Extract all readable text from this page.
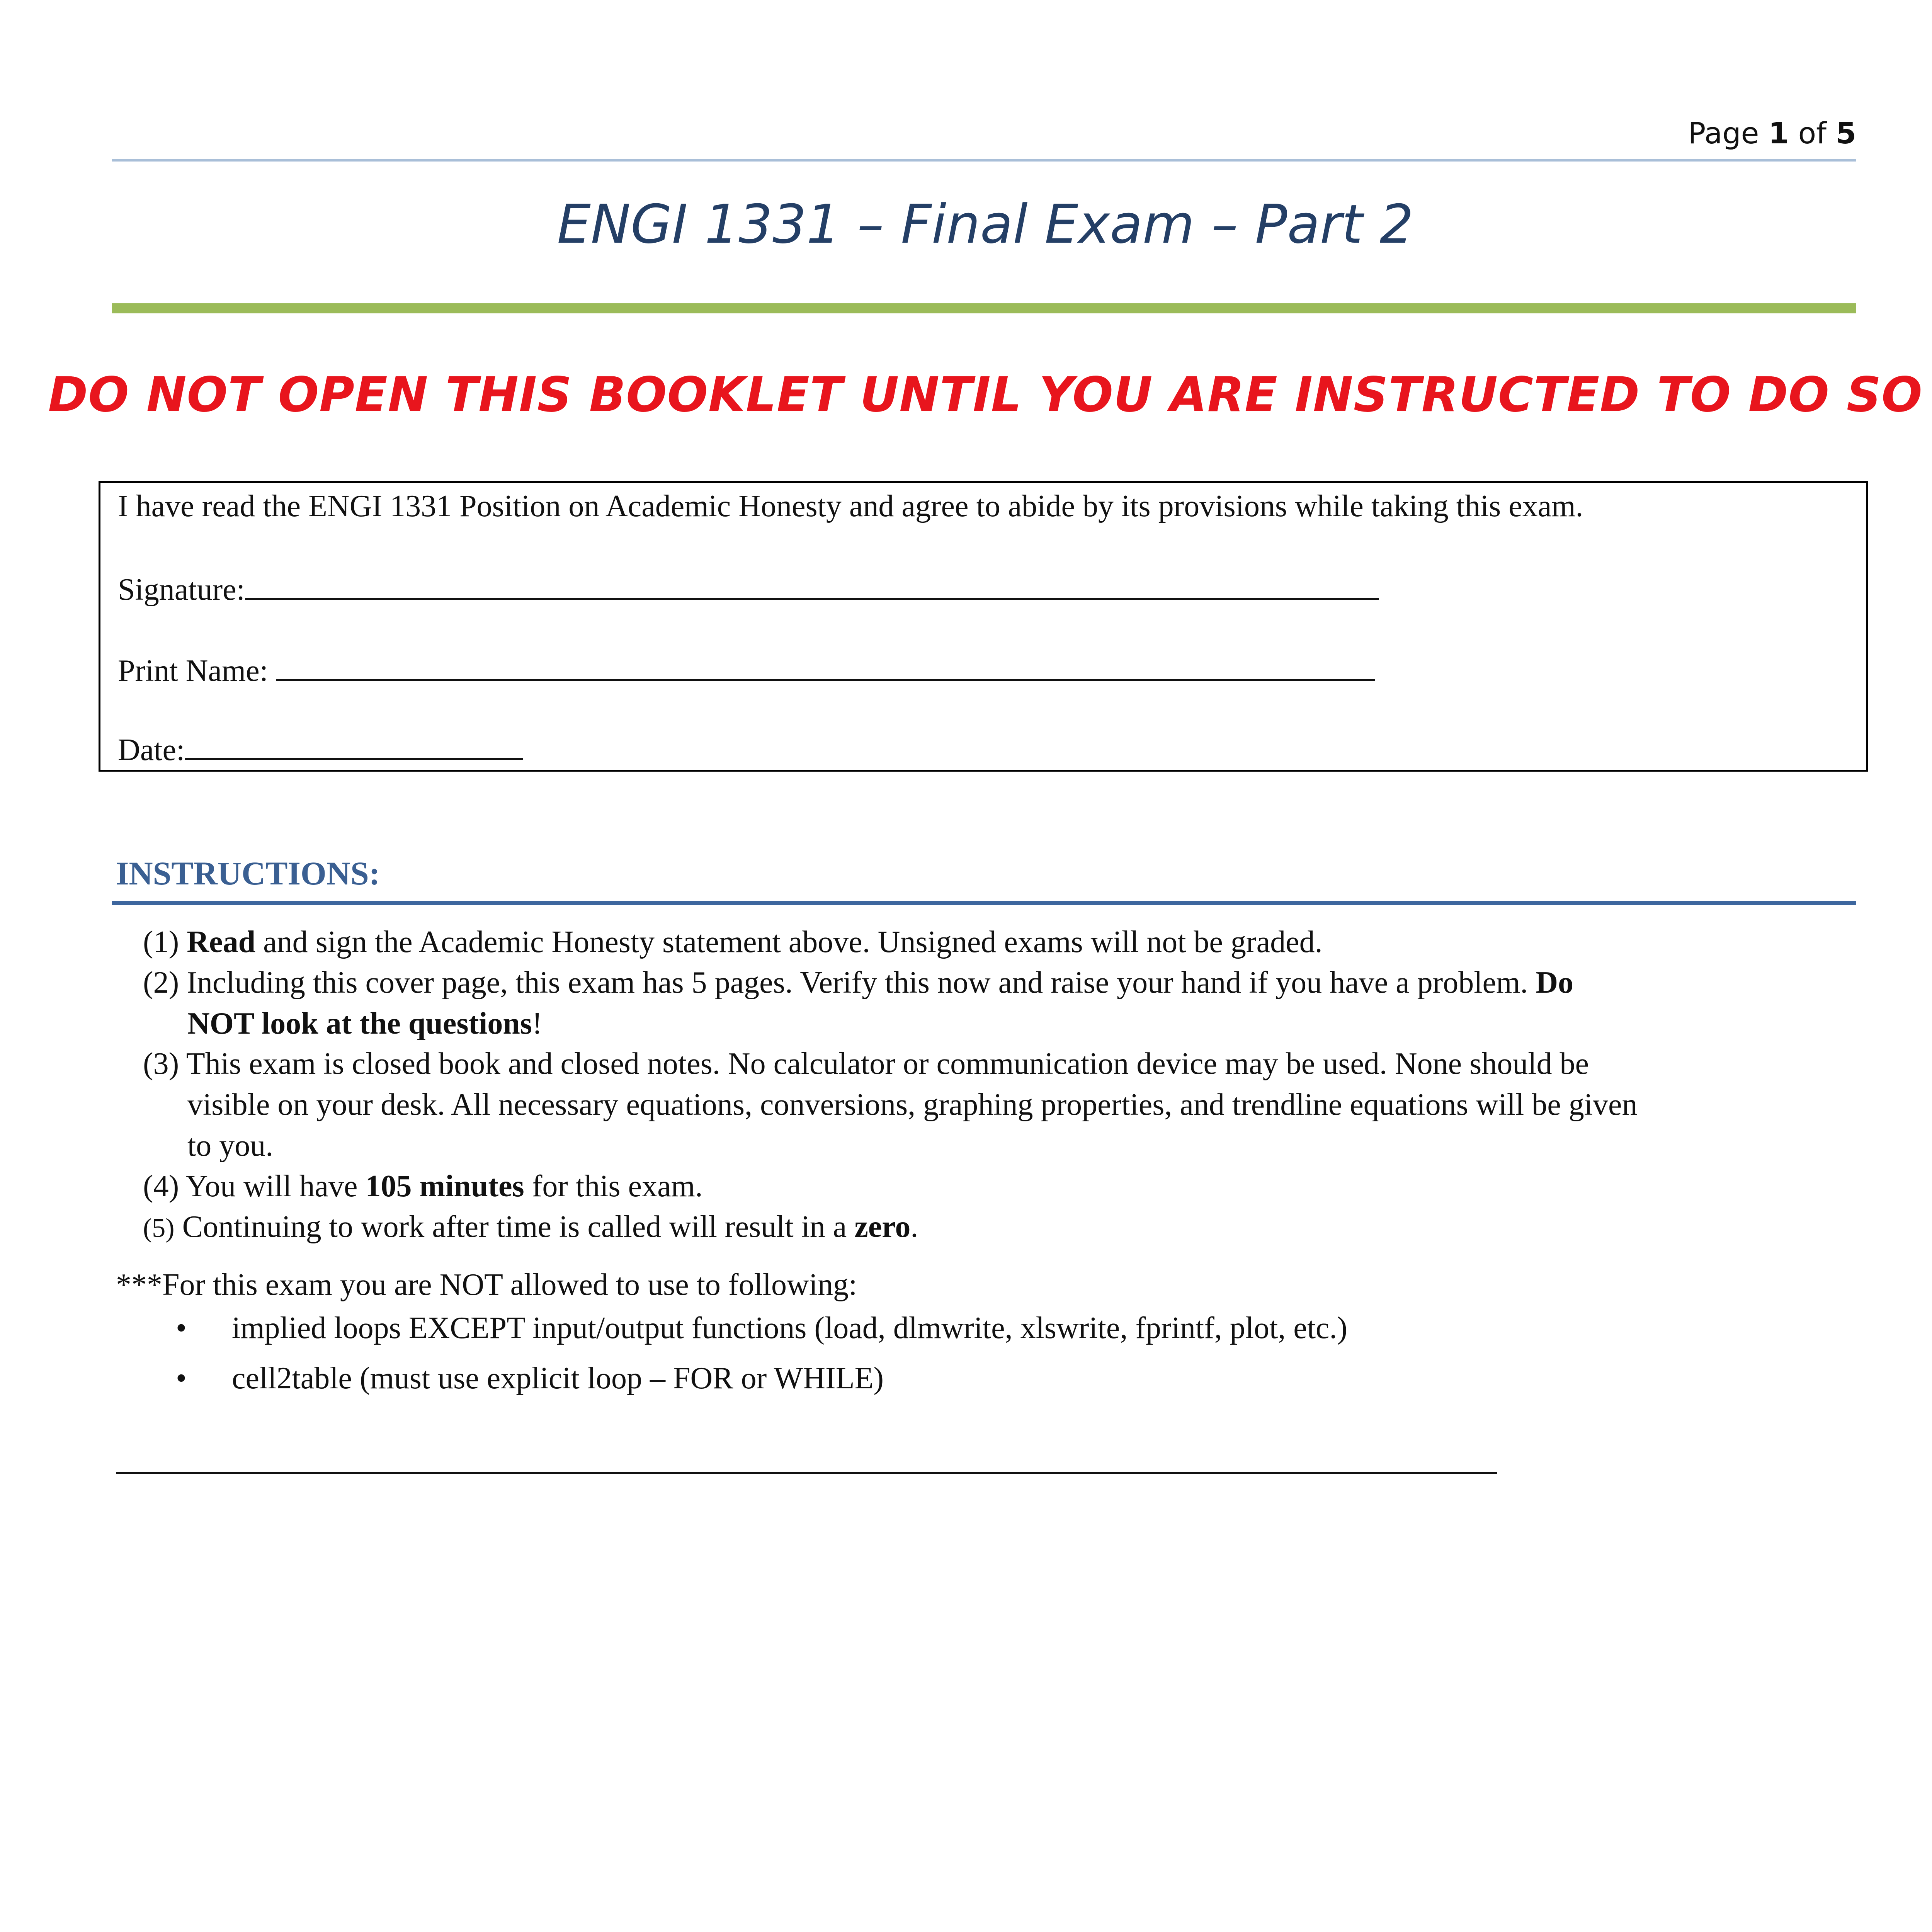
Page 1 of 5
ENGI 1331 – Final Exam – Part 2
DO NOT OPEN THIS BOOKLET UNTIL YOU ARE INSTRUCTED TO DO SO
I have read the ENGI 1331 Position on Academic Honesty and agree to abide by its provisions while taking this exam.
Signature:
Print Name:
Date:
INSTRUCTIONS:
(1) Read and sign the Academic Honesty statement above. Unsigned exams will not be graded.
(2) Including this cover page, this exam has 5 pages. Verify this now and raise your hand if you have a problem. Do
NOT look at the questions!
(3) This exam is closed book and closed notes. No calculator or communication device may be used. None should be
visible on your desk. All necessary equations, conversions, graphing properties, and trendline equations will be given
to you.
(4) You will have 105 minutes for this exam.
(5) Continuing to work after time is called will result in a zero.
***For this exam you are NOT allowed to use to following:
• implied loops EXCEPT input/output functions (load, dlmwrite, xlswrite, fprintf, plot, etc.)
• cell2table (must use explicit loop – FOR or WHILE)
